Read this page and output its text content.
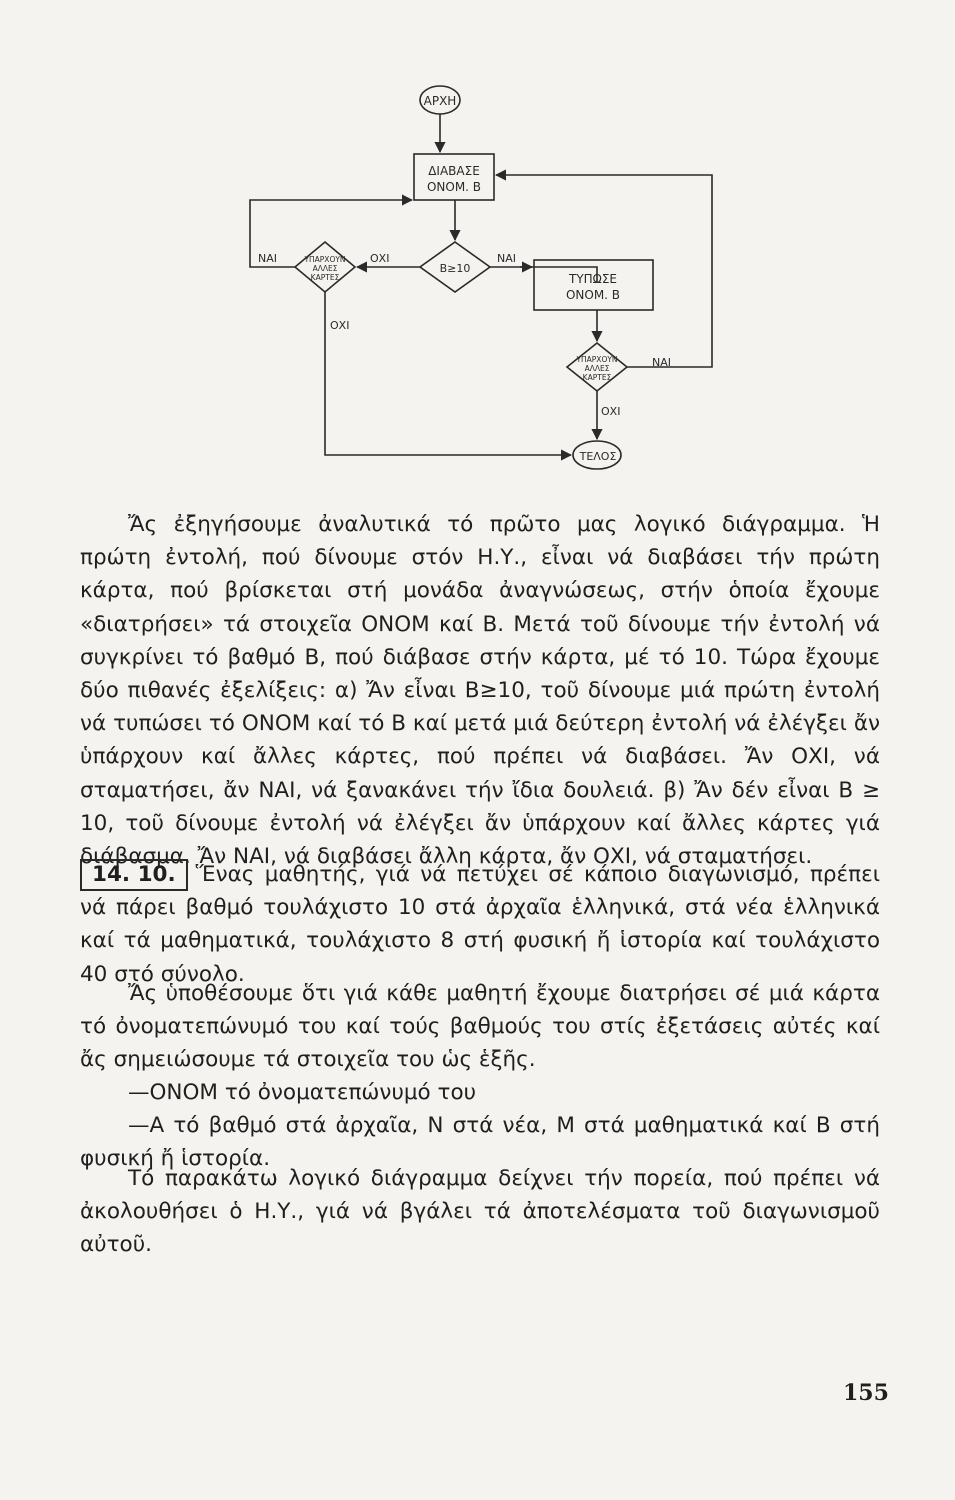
ΑΡΧΗ
ΔΙΑΒΑΣΕ
ΟΝΟΜ. Β
Β≥10
ΥΠΑΡΧΟΥΝ
ΑΛΛΕΣ
ΚΑΡΤΕΣ	ΤΥΠΩΣΕ
ΟΝΟΜ. Β
ΥΠΑΡΧΟΥΝ
ΑΛΛΕΣ
ΚΑΡΤΕΣ
ΤΕΛΟΣ
ΝΑΙ	ΟΧΙ	ΝΑΙ
ΟΧΙ
ΝΑΙ
ΟΧΙ

Ἄς ἐξηγήσουμε ἀναλυτικά τό πρῶτο μας λογικό διάγραμμα. Ἡ πρώτη ἐντολή, πού δίνουμε στόν Η.Υ., εἶναι νά διαβάσει τήν πρώτη κάρτα, πού βρίσκεται στή μονάδα ἀναγνώσεως, στήν ὁποία ἔχουμε «διατρήσει» τά στοιχεῖα ΟΝΟΜ καί Β. Μετά τοῦ δίνουμε τήν ἐντολή νά συγκρίνει τό βαθμό Β, πού διάβασε στήν κάρτα, μέ τό 10. Τώρα ἔχουμε δύο πιθανές ἐξελίξεις: α) Ἄν εἶναι Β≥10, τοῦ δίνουμε μιά πρώτη ἐντολή νά τυπώσει τό ΟΝΟΜ καί τό Β καί μετά μιά δεύτερη ἐντολή νά ἐλέγξει ἄν ὑπάρχουν καί ἄλλες κάρτες, πού πρέπει νά διαβάσει. Ἄν ΟΧΙ, νά σταματήσει, ἄν ΝΑΙ, νά ξανακάνει τήν ἴδια δουλειά. β) Ἄν δέν εἶναι Β ≥ 10, τοῦ δίνουμε ἐντολή νά ἐλέγξει ἄν ὑπάρχουν καί ἄλλες κάρτες γιά διάβασμα. Ἄν ΝΑΙ, νά διαβάσει ἄλλη κάρτα, ἄν ΟΧΙ, νά σταματήσει.

14. 10. Ἕνας μαθητής, γιά νά πετύχει σέ κάποιο διαγωνισμό, πρέπει νά πάρει βαθμό τουλάχιστο 10 στά ἀρχαῖα ἑλληνικά, στά νέα ἑλληνικά καί τά μαθηματικά, τουλάχιστο 8 στή φυσική ἤ ἱστορία καί τουλάχιστο 40 στό σύνολο.

Ἄς ὑποθέσουμε ὅτι γιά κάθε μαθητή ἔχουμε διατρήσει σέ μιά κάρτα τό ὀνοματεπώνυμό του καί τούς βαθμούς του στίς ἐξετάσεις αὐτές καί ἄς σημειώσουμε τά στοιχεῖα του ὡς ἑξῆς.

—ΟΝΟΜ τό ὀνοματεπώνυμό του

—Α τό βαθμό στά ἀρχαῖα, Ν στά νέα, Μ στά μαθηματικά καί Β στή φυσική ἤ ἱστορία.

Τό παρακάτω λογικό διάγραμμα δείχνει τήν πορεία, πού πρέπει νά ἀκολουθήσει ὁ Η.Υ., γιά νά βγάλει τά ἀποτελέσματα τοῦ διαγωνισμοῦ αὐτοῦ.

155
